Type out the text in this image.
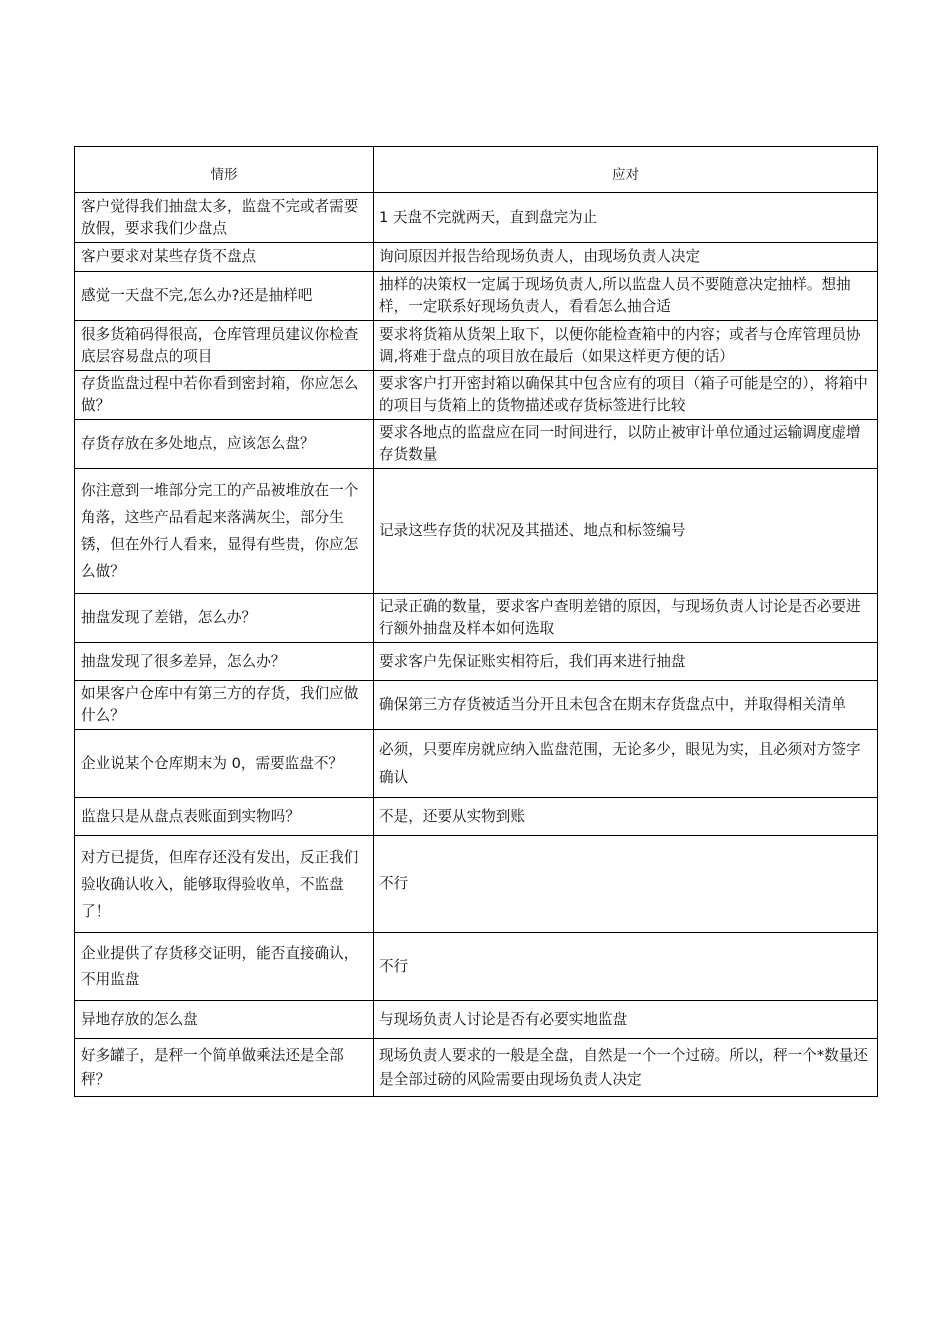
情形	应对
客户觉得我们抽盘太多，监盘不完或者需要放假，要求我们少盘点	1 天盘不完就两天，直到盘完为止
客户要求对某些存货不盘点	询问原因并报告给现场负责人，由现场负责人决定
感觉一天盘不完,怎么办?还是抽样吧	抽样的决策权一定属于现场负责人,所以监盘人员不要随意决定抽样。想抽样，一定联系好现场负责人，看看怎么抽合适
很多货箱码得很高，仓库管理员建议你检查底层容易盘点的项目	要求将货箱从货架上取下，以便你能检查箱中的内容；或者与仓库管理员协调,将难于盘点的项目放在最后（如果这样更方便的话）
存货监盘过程中若你看到密封箱，你应怎么做？	要求客户打开密封箱以确保其中包含应有的项目（箱子可能是空的），将箱中的项目与货箱上的货物描述或存货标签进行比较
存货存放在多处地点，应该怎么盘？	要求各地点的监盘应在同一时间进行，以防止被审计单位通过运输调度虚增存货数量
你注意到一堆部分完工的产品被堆放在一个角落，这些产品看起来落满灰尘，部分生锈，但在外行人看来，显得有些贵，你应怎么做？	记录这些存货的状况及其描述、地点和标签编号
抽盘发现了差错，怎么办？	记录正确的数量，要求客户查明差错的原因，与现场负责人讨论是否必要进行额外抽盘及样本如何选取
抽盘发现了很多差异，怎么办？	要求客户先保证账实相符后，我们再来进行抽盘
如果客户仓库中有第三方的存货，我们应做什么？	确保第三方存货被适当分开且未包含在期末存货盘点中，并取得相关清单
企业说某个仓库期末为 0，需要监盘不？	必须，只要库房就应纳入监盘范围，无论多少，眼见为实，且必须对方签字确认
监盘只是从盘点表账面到实物吗？	不是，还要从实物到账
对方已提货，但库存还没有发出，反正我们验收确认收入，能够取得验收单，不监盘了！	不行
企业提供了存货移交证明，能否直接确认，不用监盘	不行
异地存放的怎么盘	与现场负责人讨论是否有必要实地监盘
好多罐子，是秤一个简单做乘法还是全部秤？	现场负责人要求的一般是全盘，自然是一个一个过磅。所以，秤一个*数量还是全部过磅的风险需要由现场负责人决定
